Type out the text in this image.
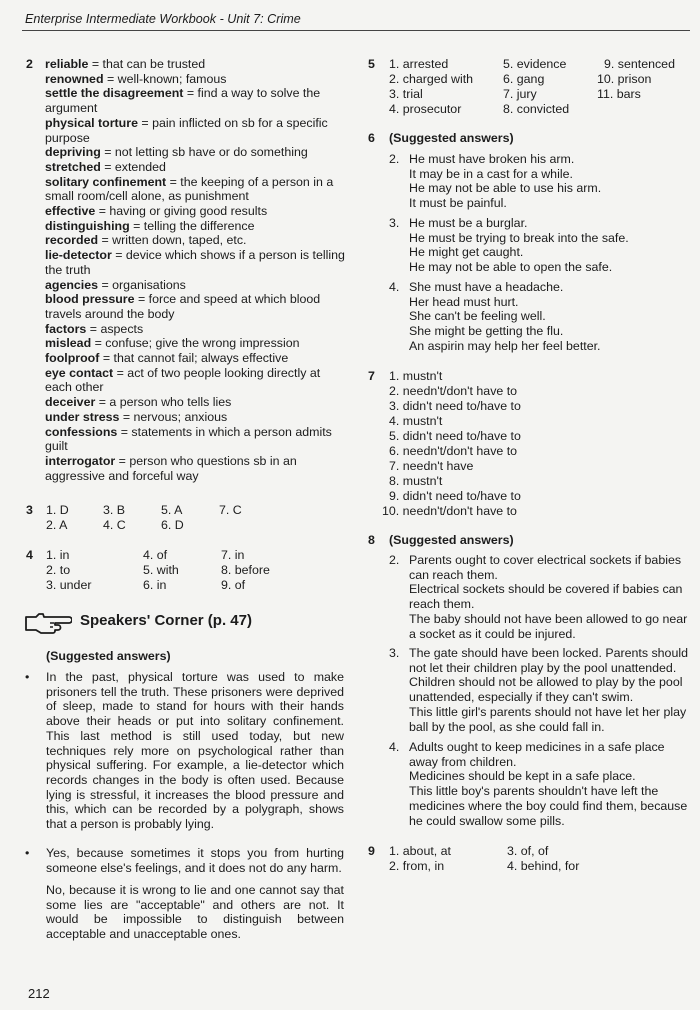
Enterprise Intermediate Workbook - Unit 7: Crime
2 reliable = that can be trusted

renowned = well-known; famous

settle the disagreement = find a way to solve the argument

physical torture = pain inflicted on sb for a specific purpose

depriving = not letting sb have or do something

stretched = extended

solitary confinement = the keeping of a person in a small room/cell alone, as punishment

effective = having or giving good results

distinguishing = telling the difference

recorded = written down, taped, etc.

lie-detector = device which shows if a person is telling the truth

agencies = organisations

blood pressure = force and speed at which blood travels around the body

factors = aspects

mislead = confuse; give the wrong impression

foolproof = that cannot fail; always effective

eye contact = act of two people looking directly at each other

deceiver = a person who tells lies

under stress = nervous; anxious

confessions = statements in which a person admits guilt

interrogator = person who questions sb in an aggressive and forceful way

3 1. D	3. B	5. A	7. C
2. A	4. C	6. D
4 1. in	4. of	7. in
2. to	5. with	8. before
3. under	6. in	9. of
Speakers' Corner (p. 47)
(Suggested answers)
• In the past, physical torture was used to make prisoners tell the truth. These prisoners were deprived of sleep, made to stand for hours with their hands above their heads or put into solitary confinement. This last method is still used today, but new techniques rely more on psychological rather than physical suffering. For example, a lie-detector which records changes in the body is often used. Because lying is stressful, it increases the blood pressure and this, which can be recorded by a polygraph, shows that a person is probably lying.
• Yes, because sometimes it stops you from hurting someone else's feelings, and it does not do any harm.
No, because it is wrong to lie and one cannot say that some lies are "acceptable" and others are not. It would be impossible to distinguish between acceptable and unacceptable ones.
5 1. arrested	5. evidence	9. sentenced
2. charged with 6. gang	10. prison
3. trial	7. jury	11. bars
4. prosecutor	8. convicted
6 (Suggested answers)
2. He must have broken his arm.

It may be in a cast for a while.

He may not be able to use his arm.

It must be painful.

3. He must be a burglar.

He must be trying to break into the safe.

He might get caught.

He may not be able to open the safe.

4. She must have a headache.

Her head must hurt.

She can't be feeling well.

She might be getting the flu.

An aspirin may help her feel better.

7 1. mustn't
2. needn't/don't have to
3. didn't need to/have to
4. mustn't
5. didn't need to/have to
6. needn't/don't have to
7. needn't have
8. mustn't
9. didn't need to/have to
10. needn't/don't have to
8 (Suggested answers)
2. Parents ought to cover electrical sockets if babies can reach them.

Electrical sockets should be covered if babies can reach them.

The baby should not have been allowed to go near a socket as it could be injured.

3. The gate should have been locked. Parents should not let their children play by the pool unattended.

Children should not be allowed to play by the pool unattended, especially if they can't swim.

This little girl's parents should not have let her play ball by the pool, as she could fall in.

4. Adults ought to keep medicines in a safe place away from children.

Medicines should be kept in a safe place.

This little boy's parents shouldn't have left the medicines where the boy could find them, because he could swallow some pills.

9 1. about, at	3. of, of
2. from, in	4. behind, for
212
